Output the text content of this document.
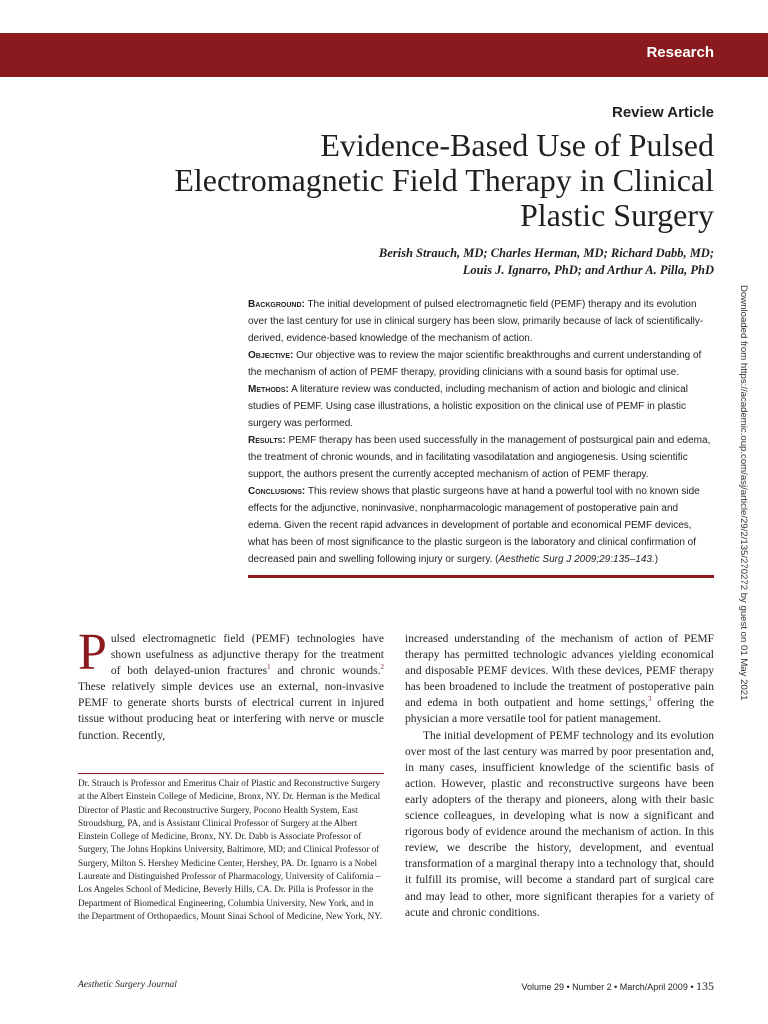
Research
Review Article
Evidence-Based Use of Pulsed Electromagnetic Field Therapy in Clinical Plastic Surgery
Berish Strauch, MD; Charles Herman, MD; Richard Dabb, MD;
Louis J. Ignarro, PhD; and Arthur A. Pilla, PhD

Background: The initial development of pulsed electromagnetic field (PEMF) therapy and its evolution over the last century for use in clinical surgery has been slow, primarily because of lack of scientifically-derived, evidence-based knowledge of the mechanism of action.

Objective: Our objective was to review the major scientific breakthroughs and current understanding of the mechanism of action of PEMF therapy, providing clinicians with a sound basis for optimal use.

Methods: A literature review was conducted, including mechanism of action and biologic and clinical studies of PEMF. Using case illustrations, a holistic exposition on the clinical use of PEMF in plastic surgery was performed.

Results: PEMF therapy has been used successfully in the management of postsurgical pain and edema, the treatment of chronic wounds, and in facilitating vasodilatation and angiogenesis. Using scientific support, the authors present the currently accepted mechanism of action of PEMF therapy.

Conclusions: This review shows that plastic surgeons have at hand a powerful tool with no known side effects for the adjunctive, noninvasive, nonpharmacologic management of postoperative pain and edema. Given the recent rapid advances in development of portable and economical PEMF devices, what has been of most significance to the plastic surgeon is the laboratory and clinical confirmation of decreased pain and swelling following injury or surgery. (Aesthetic Surg J 2009;29:135–143.)

Pulsed electromagnetic field (PEMF) technologies have shown usefulness as adjunctive therapy for the treatment of both delayed-union fractures$^1$ and chronic wounds.$^2$ These relatively simple devices use an external, non-invasive PEMF to generate shorts bursts of electrical current in injured tissue without producing heat or interfering with nerve or muscle function. Recently,

Dr. Strauch is Professor and Emeritus Chair of Plastic and Reconstructive Surgery at the Albert Einstein College of Medicine, Bronx, NY. Dr. Herman is the Medical Director of Plastic and Reconstructive Surgery, Pocono Health System, East Stroudsburg, PA, and is Assistant Clinical Professor of Surgery at the Albert Einstein College of Medicine, Bronx, NY. Dr. Dabb is Associate Professor of Surgery, The Johns Hopkins University, Baltimore, MD; and Clinical Professor of Surgery, Milton S. Hershey Medicine Center, Hershey, PA. Dr. Ignarro is a Nobel Laureate and Distinguished Professor of Pharmacology, University of California –Los Angeles School of Medicine, Beverly Hills, CA. Dr. Pilla is Professor in the Department of Biomedical Engineering, Columbia University, New York, and in the Department of Orthopaedics, Mount Sinai School of Medicine, New York, NY.

increased understanding of the mechanism of action of PEMF therapy has permitted technologic advances yielding economical and disposable PEMF devices. With these devices, PEMF therapy has been broadened to include the treatment of postoperative pain and edema in both outpatient and home settings,$^3$ offering the physician a more versatile tool for patient management.

The initial development of PEMF technology and its evolution over most of the last century was marred by poor presentation and, in many cases, insufficient knowledge of the scientific basis of action. However, plastic and reconstructive surgeons have been early adopters of the therapy and pioneers, along with their basic science colleagues, in developing what is now a significant and rigorous body of evidence around the mechanism of action. In this review, we describe the history, development, and eventual transformation of a marginal therapy into a technology that, should it fulfill its promise, will become a standard part of surgical care and may lead to other, more significant therapies for a variety of acute and chronic conditions.

Aesthetic Surgery Journal	Volume 29 • Number 2 • March/April 2009 • 135
Downloaded from https://academic.oup.com/asj/article/29/2/135/270272 by guest on 01 May 2021
